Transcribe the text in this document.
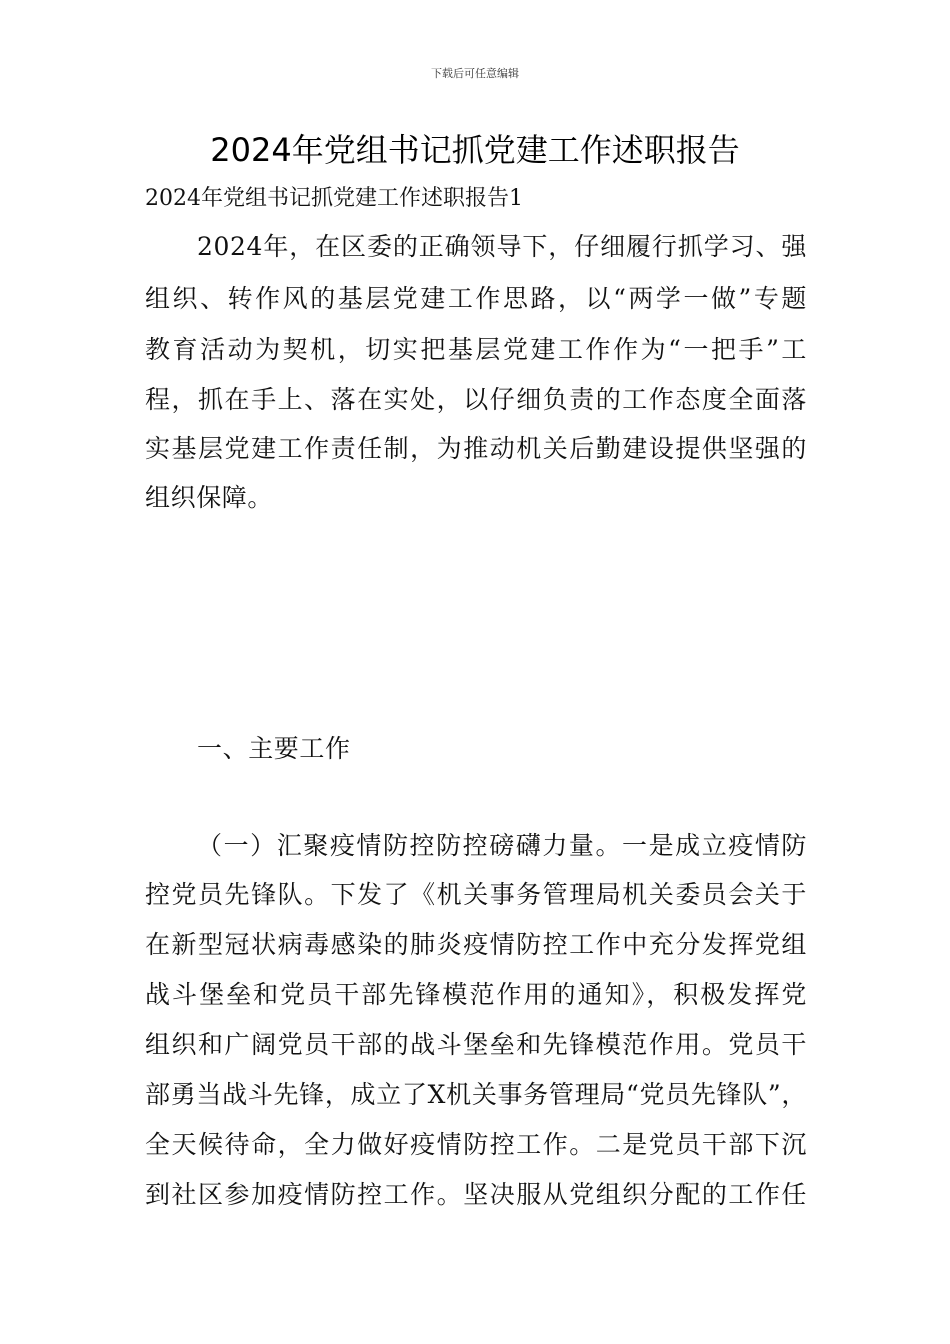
下载后可任意编辑
2024年党组书记抓党建工作述职报告
2024年党组书记抓党建工作述职报告1
2024年，在区委的正确领导下，仔细履行抓学习、强
组织、转作风的基层党建工作思路，以“两学一做”专题
教育活动为契机，切实把基层党建工作作为“一把手”工
程，抓在手上、落在实处，以仔细负责的工作态度全面落
实基层党建工作责任制，为推动机关后勤建设提供坚强的
组织保障。
一、主要工作
（一）汇聚疫情防控防控磅礴力量。一是成立疫情防
控党员先锋队。下发了《机关事务管理局机关委员会关于
在新型冠状病毒感染的肺炎疫情防控工作中充分发挥党组
战斗堡垒和党员干部先锋模范作用的通知》，积极发挥党
组织和广阔党员干部的战斗堡垒和先锋模范作用。党员干
部勇当战斗先锋，成立了X机关事务管理局“党员先锋队”，
全天候待命，全力做好疫情防控工作。二是党员干部下沉
到社区参加疫情防控工作。坚决服从党组织分配的工作任
